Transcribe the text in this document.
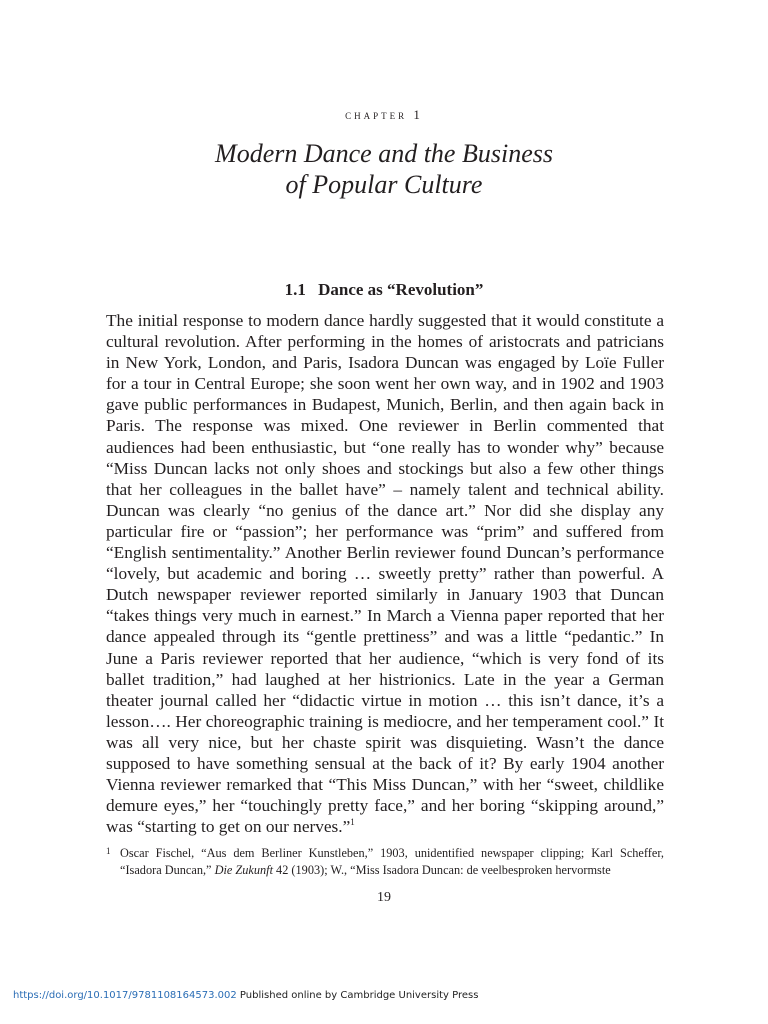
chapter 1
Modern Dance and the Business
of Popular Culture
1.1 Dance as “Revolution”

The initial response to modern dance hardly suggested that it would constitute a cultural revolution. After performing in the homes of aristocrats and patricians in New York, London, and Paris, Isadora Duncan was engaged by Loïe Fuller for a tour in Central Europe; she soon went her own way, and in 1902 and 1903 gave public performances in Budapest, Munich, Berlin, and then again back in Paris. The response was mixed. One reviewer in Berlin commented that audiences had been enthusiastic, but “one really has to wonder why” because “Miss Duncan lacks not only shoes and stockings but also a few other things that her colleagues in the ballet have” – namely talent and technical ability. Duncan was clearly “no genius of the dance art.” Nor did she display any particular fire or “passion”; her performance was “prim” and suffered from “English sentimentality.” Another Berlin reviewer found Duncan’s performance “lovely, but academic and boring … sweetly pretty” rather than powerful. A Dutch newspaper reviewer reported similarly in January 1903 that Duncan “takes things very much in earnest.” In March a Vienna paper reported that her dance appealed through its “gentle prettiness” and was a little “pedantic.” In June a Paris reviewer reported that her audience, “which is very fond of its ballet tradition,” had laughed at her histrionics. Late in the year a German theater journal called her “didactic virtue in motion … this isn’t dance, it’s a lesson…. Her choreographic training is mediocre, and her temperament cool.” It was all very nice, but her chaste spirit was disquieting. Wasn’t the dance supposed to have something sensual at the back of it? By early 1904 another Vienna reviewer remarked that “This Miss Duncan,” with her “sweet, childlike demure eyes,” her “touchingly pretty face,” and her boring “skipping around,” was “starting to get on our nerves.”$^1$

1 Oscar Fischel, “Aus dem Berliner Kunstleben,” 1903, unidentified newspaper clipping; Karl Scheffer, “Isadora Duncan,” Die Zukunft 42 (1903); W., “Miss Isadora Duncan: de veelbesproken hervormste
19
https://doi.org/10.1017/9781108164573.002 Published online by Cambridge University Press
